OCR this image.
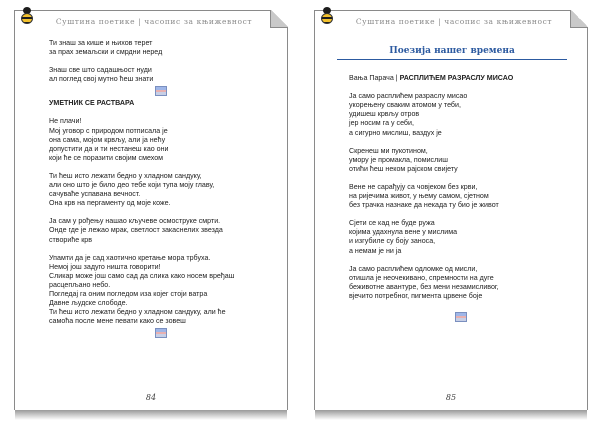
Суштина поетике | часопис за књижевност
Ти знаш за кише и њихов терет
за прах земаљски и смрдни неред
Знаш све што садашњост нуди
ал поглед свој мутно ћеш знати
УМЕТНИК СЕ РАСТВАРА
Не плачи!
Мој уговор с природом потписала је
она сама, мојом крвљу, али ја нећу
допустити да и ти нестанеш као они
који ће се поразити својим смехом
Ти ћеш исто лежати бедно у хладном сандуку,
али оно што је било део тебе који тупа мојy главу,
сачуваће успавана вечност.
Она крв на пергаменту од моје коже.
Ја сам у рођењу нашао кључеве осмоструке смрти.
Онде где је лежао мрак, светлост закаснелих звезда
створиће крв
Упамти да је сад хаотично кретање мора трбуха.
Немој још задуго ништа говорити!
Сликар може још само сад да слика како носем вређаш
расцепљано небо.
Погледај га оним погледом иза којег стоји ватра
Давне људске слободе.
Ти ћеш исто лежати бедно у хладном сандуку, али ће
самоћа после мене певати како се зовеш
84
Суштина поетике | часопис за књижевност
Поезија нашег времена
Вања Парача | РАСПЛИЋЕМ РАЗРАСЛУ МИСАО
Ја само расплићем разраслу мисао
укорењену сваким атомом у теби,
удишеш крвљу отров
јер носим га у себи,
а сигурно мислиш, ваздух је
Скренеш ми пукотином,
умору је промакла, помислиш
отићи ћеш неком рајском свијету
Вене не сарађују са човјеком без крви,
на ријечима живот, у њему самом, сјетном
без трачка назнаке да некада ту био је живот
Сјети се кад не буде ружа
којима удахнула вене у мислима
и изгубиле су бoју заноса,
а немам је ни ја
Ја само расплићем одломке од мисли,
отишла је неочекивано, спремности на дуге
беживотне авантуре, без мени незамисливог,
вјечито потребног, пигмента црвене боје
85
